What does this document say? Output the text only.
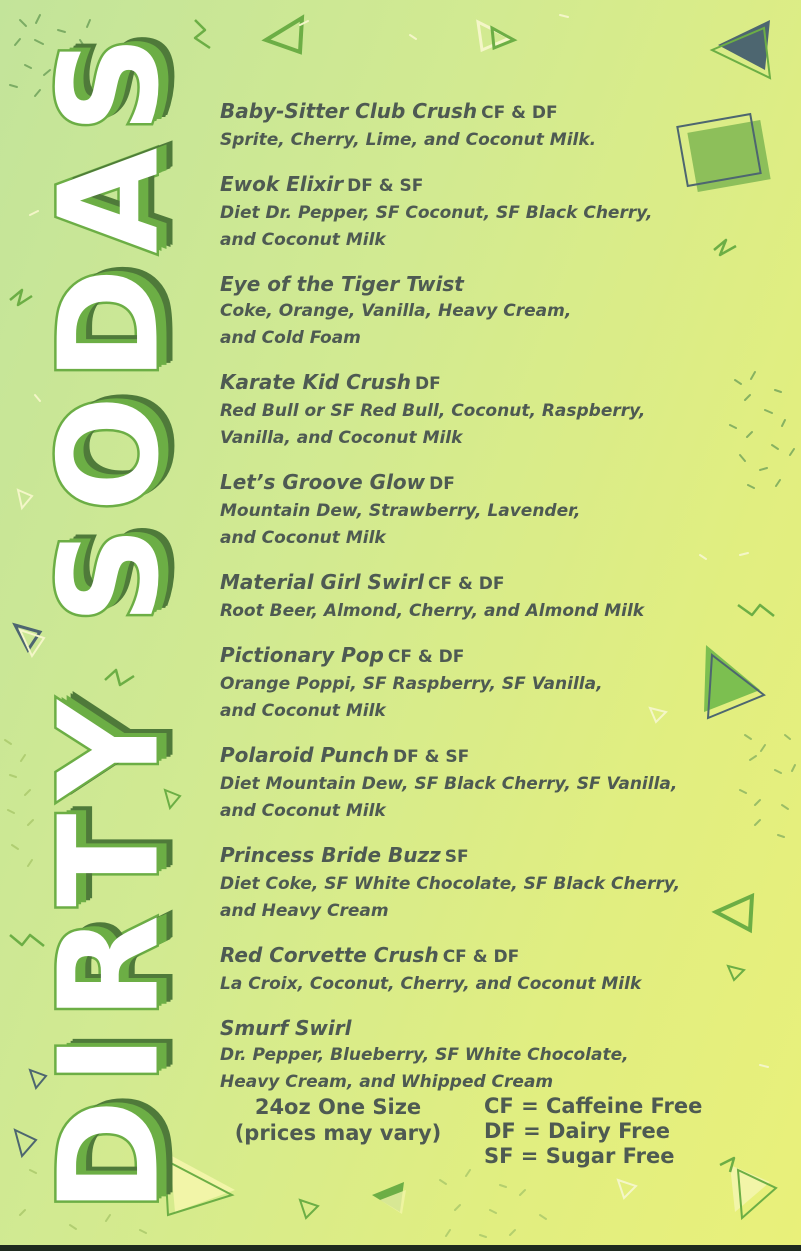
DIRTY SODAS Baby-Sitter Club Crush CF & DF
Sprite, Cherry, Lime, and Coconut Milk.
Ewok Elixir DF & SF
Diet Dr. Pepper, SF Coconut, SF Black Cherry,
and Coconut Milk
Eye of the Tiger Twist
Coke, Orange, Vanilla, Heavy Cream,
and Cold Foam
Karate Kid Crush DF
Red Bull or SF Red Bull, Coconut, Raspberry,
Vanilla, and Coconut Milk
Let’s Groove Glow DF
Mountain Dew, Strawberry, Lavender,
and Coconut Milk
Material Girl Swirl CF & DF
Root Beer, Almond, Cherry, and Almond Milk
Pictionary Pop CF & DF
Orange Poppi, SF Raspberry, SF Vanilla,
and Coconut Milk
Polaroid Punch DF & SF
Diet Mountain Dew, SF Black Cherry, SF Vanilla,
and Coconut Milk
Princess Bride Buzz SF
Diet Coke, SF White Chocolate, SF Black Cherry,
and Heavy Cream
Red Corvette Crush CF & DF
La Croix, Coconut, Cherry, and Coconut Milk
Smurf Swirl
Dr. Pepper, Blueberry, SF White Chocolate,
Heavy Cream, and Whipped Cream
24oz One Size
(prices may vary)
CF = Caffeine Free
DF = Dairy Free
SF = Sugar Free
